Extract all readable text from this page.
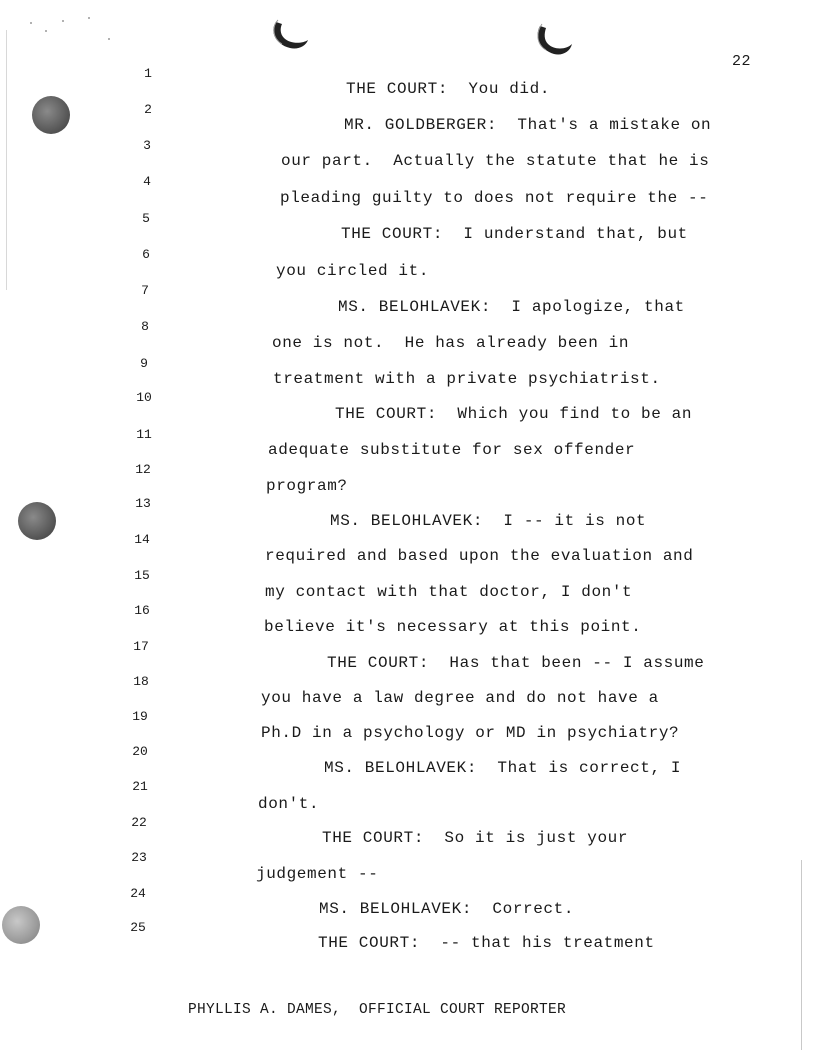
22
1
2
3
4
5
6
7
8
9
10
11
12
13
14
15
16
17
18
19
20
21
22
23
24
25
THE COURT:  You did.
MR. GOLDBERGER:  That's a mistake on
our part.  Actually the statute that he is
pleading guilty to does not require the --
THE COURT:  I understand that, but
you circled it.
MS. BELOHLAVEK:  I apologize, that
one is not.  He has already been in
treatment with a private psychiatrist.
THE COURT:  Which you find to be an
adequate substitute for sex offender
program?
MS. BELOHLAVEK:  I -- it is not
required and based upon the evaluation and
my contact with that doctor, I don't
believe it's necessary at this point.
THE COURT:  Has that been -- I assume
you have a law degree and do not have a
Ph.D in a psychology or MD in psychiatry?
MS. BELOHLAVEK:  That is correct, I
don't.
THE COURT:  So it is just your
judgement --
MS. BELOHLAVEK:  Correct.
THE COURT:  -- that his treatment
PHYLLIS A. DAMES,  OFFICIAL COURT REPORTER
